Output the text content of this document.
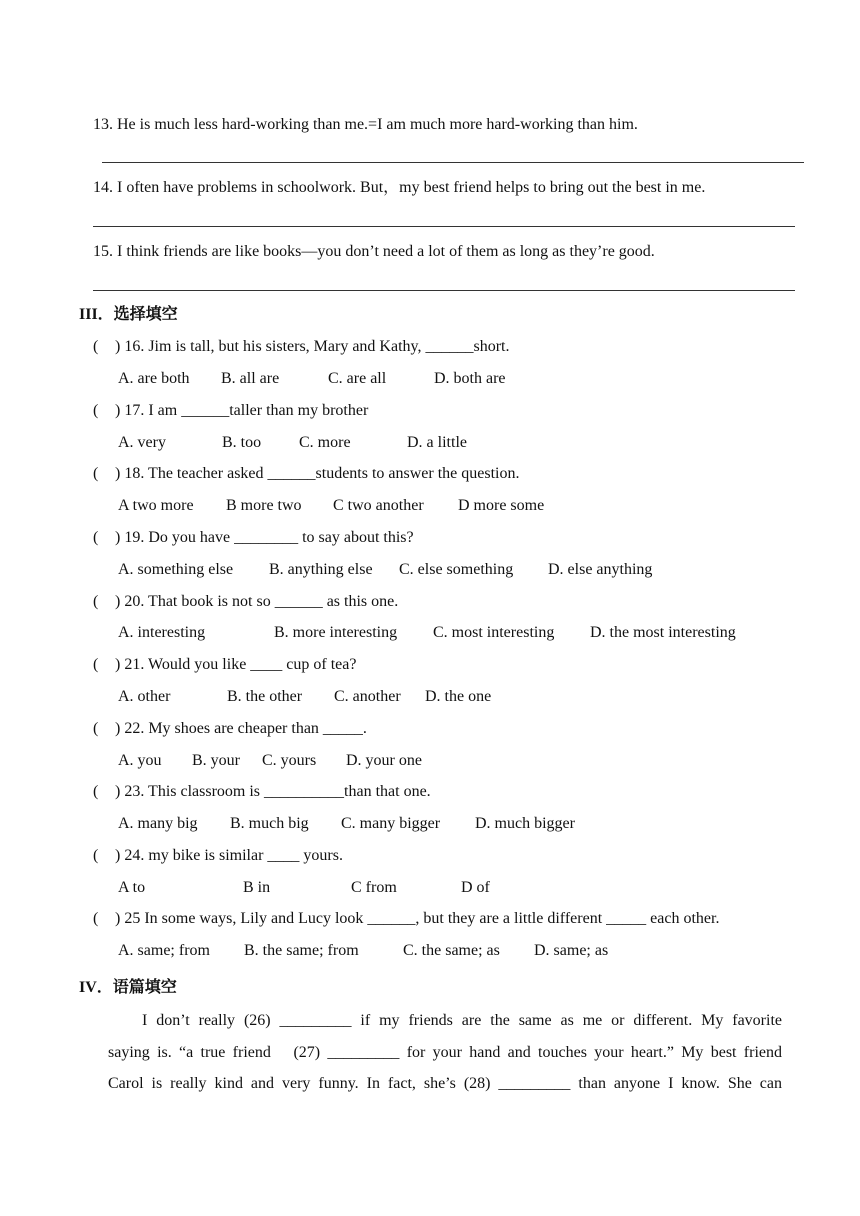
13. He is much less hard-working than me.=I am much more hard-working than him.
14. I often have problems in schoolwork. But，my best friend helps to bring out the best in me.
15. I think friends are like books—you don’t need a lot of them as long as they’re good.
III．选择填空
( ) 16. Jim is tall, but his sisters, Mary and Kathy, ______short.
A. are both B. all are	C. are all	D. both are
( ) 17. I am ______taller than my brother
A. very	B. too C. more	D. a little
( ) 18. The teacher asked ______students to answer the question.
A two more B more two C two another D more some
( ) 19. Do you have ________ to say about this?
A. something else B. anything else C. else something D. else anything
( ) 20. That book is not so ______ as this one.
A. interesting	B. more interesting C. most interesting D. the most interesting
( ) 21. Would you like ____ cup of tea?
A. other	B. the other C. another D. the one
( ) 22. My shoes are cheaper than _____.
A. you B. your C. yours D. your one
( ) 23. This classroom is __________than that one.
A. many big B. much big C. many bigger D. much bigger
( ) 24. my bike is similar ____ yours.
A to	B in	C from	D of
( ) 25 In some ways, Lily and Lucy look ______, but they are a little different _____ each other.
A. same; from B. the same; from	C. the same; as D. same; as
IV．语篇填空
I don’t really (26) _________ if my friends are the same as me or different. My favorite
saying is. “a true friend　(27) _________ for your hand and touches your heart.” My best friend
Carol is really kind and very funny. In fact, she’s (28) _________ than anyone I know. She can
